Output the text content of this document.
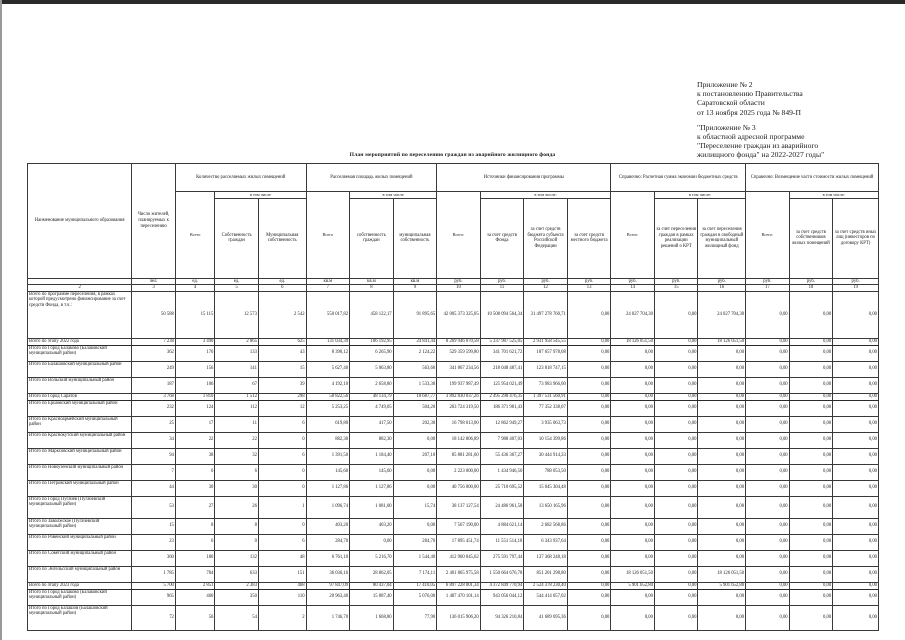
Приложение № 2
к постановлению Правительства
Саратовской области
от 13 ноября 2025 года № 849-П
"Приложение № 3
к областной адресной программе
"Переселение граждан из аварийного
жилищного фонда" на 2022-2027 годы"
План мероприятий по переселению граждан из аварийного жилищного фонда
Наименование муниципального образования	Число жителей, планируемых к переселению	Количество расселяемых жилых помещений			Расселяемая площадь жилых помещений			Источники финансирования программы				Справочно: Расчетная сумма экономии бюджетных средств			Справочно: Возмещение части стоимости жилых помещений		
		Всего	в том числе		Всего	в том числе		Всего:	в том числе:			Всего:	в том числе:		Всего:	в том числе:	
			Собственность граждан	Муниципальная собственность		собственность граждан	муниципальная собственность		за счет средств Фонда	за счет средств бюджета субъекта Российской Федерации	за счет средств местного бюджета		за счет переселения граждан в рамках реализации решений о КРТ	за счет переселения граждан в свободный муниципальный жилищный фонд		за счет средств собственников жилых помещений	за счет средств иных лиц (инвесторов по договору КРТ)
	чел.	ед.	ед.	ед.	кв.м	кв.м	кв.м	руб.	руб.	руб.	руб.	руб.	руб.	руб.	руб.	руб.	руб.
2	3	4	5	6	7	8	9	10	11	12	13	14	15	16	17	18	19
Всего по программе переселения, в рамках которой предусмотрено финансирование за счет средств Фонда, в т.ч.:	50 588	15 115	12 573	2 542	550 017,82	458 122,17	91 895,65	42 005 373 325,05	10 508 094 564,34	31 497 278 760,71	0,00	24 027 704,30	0,00	24 027 704,30	0,00	0,00	0,00
Всего по этапу 2022 года	7 238	3 490	2 865	625	131 034,39	106 192,95	24 841,44	8 269 946 070,58	5 337 987 525,05	2 931 958 545,55	0,00	18 126 051,50	0,00	18 126 051,50	0,00	0,00	0,00
Итого по Город Балаково (Балаковский муниципальный район)	362	176	133	43	8 390,12	6 265,90	2 124,22	529 359 599,80	341 701 621,72	187 657 978,08	0,00	0,00	0,00	0,00	0,00	0,00	0,00
Итого по Балашовский муниципальный район	249	156	141	15	5 627,40	5 063,80	563,60	341 867 234,56	218 048 487,41	123 818 747,15	0,00	0,00	0,00	0,00	0,00	0,00	0,00
Итого по Вольский муниципальный район	187	106	67	39	4 192,10	2 658,80	1 533,30	199 937 987,49	125 954 021,49	73 983 966,00	0,00	0,00	0,00	0,00	0,00	0,00	0,00
Итого по Город Саратов	3 768	1 810	1 512	298	58 822,56	48 134,79	10 687,77	3 892 830 037,26	2 495 298 476,35	1 397 531 560,91	0,00	0,00	0,00	0,00	0,00	0,00	0,00
Итого по Ершовский муниципальный район	232	124	112	12	5 253,25	4 749,05	504,20	263 724 319,50	186 371 981,43	77 352 338,07	0,00	0,00	0,00	0,00	0,00	0,00	0,00
Итого по Красноармейский муниципальный район	25	17	11	6	619,80	417,50	202,30	16 798 013,00	12 862 949,27	3 935 063,73	0,00	0,00	0,00	0,00	0,00	0,00	0,00
Итого по Краснокутский муниципальный район	34	22	22	0	882,30	882,30	0,00	18 142 806,89	7 988 407,03	10 154 399,86	0,00	0,00	0,00	0,00	0,00	0,00	0,00
Итого по Марксовский муниципальный район	94	38	32	6	1 391,50	1 184,40	207,10	85 881 281,60	55 436 367,27	30 444 914,33	0,00	0,00	0,00	0,00	0,00	0,00	0,00
Итого по Новоузенский муниципальный район	7	6	6	0	145,60	145,60	0,00	2 223 000,00	1 434 946,50	788 053,50	0,00	0,00	0,00	0,00	0,00	0,00	0,00
Итого по Петровский муниципальный район	44	30	30	0	1 127,86	1 127,86	0,00	40 756 000,00	25 710 695,52	15 045 304,48	0,00	0,00	0,00	0,00	0,00	0,00	0,00
Итого по Город Пугачев (Пугачевский муниципальный район)	53	27	26	1	1 096,74	1 081,00	15,74	38 137 127,54	24 486 961,58	13 650 165,96	0,00	0,00	0,00	0,00	0,00	0,00	0,00
Итого по Заволжское (Пугачевский муниципальный район)	15	8	8	0	403,20	403,20	0,00	7 567 190,00	4 884 621,14	2 682 568,86	0,00	0,00	0,00	0,00	0,00	0,00	0,00
Итого по Ровенский муниципальный район	23	6	0	6	284,70	0,00	284,70	17 895 451,74	11 551 514,10	6 343 937,64	0,00	0,00	0,00	0,00	0,00	0,00	0,00
Итого по Советский муниципальный район	360	180	132	48	6 761,10	5 216,70	1 544,40	412 960 045,62	275 591 797,44	137 368 248,18	0,00	0,00	0,00	0,00	0,00	0,00	0,00
Итого по Энгельсский муниципальный район	1 785	784	633	151	36 036,16	28 862,05	7 174,11	2 401 865 975,58	1 550 664 676,78	851 201 298,80	0,00	18 126 051,50	0,00	18 126 051,50	0,00	0,00	0,00
Всего по этапу 2023 года	5 700	2 851	2 383	468	97 847,09	80 437,04	17 410,05	6 897 228 001,34	4 372 849 770,94	2 524 378 230,40	0,00	5 901 652,80	0,00	5 901 652,80	0,00	0,00	0,00
Итого по Город Балаково (Балаковский муниципальный район)	965	460	350	110	20 963,40	15 887,40	5 076,00	1 487 470 101,14	943 056 044,12	544 414 057,02	0,00	0,00	0,00	0,00	0,00	0,00	0,00
Итого по Город Балашов (Балашовский муниципальный район)	72	56	54	2	1 746,70	1 668,80	77,90	136 015 906,20	94 326 210,84	41 689 695,36	0,00	0,00	0,00	0,00	0,00	0,00	0,00
